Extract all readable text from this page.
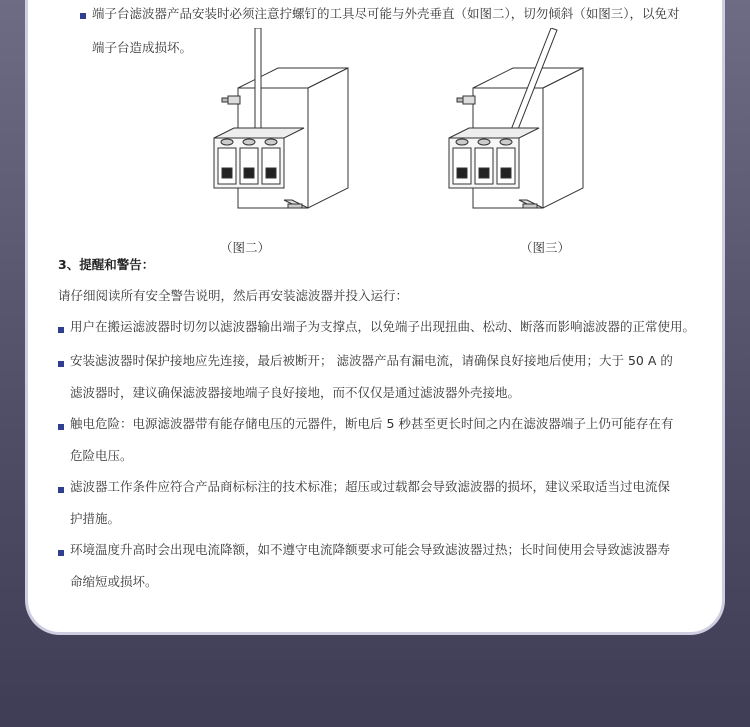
端子台滤波器产品安装时必须注意拧螺钉的工具尽可能与外壳垂直（如图二），切勿倾斜（如图三），以免对
端子台造成损坏。
（图二）	（图三）
3、提醒和警告：
请仔细阅读所有安全警告说明，然后再安装滤波器并投入运行：
用户在搬运滤波器时切勿以滤波器输出端子为支撑点，以免端子出现扭曲、松动、断落而影响滤波器的正常使用。
安装滤波器时保护接地应先连接，最后被断开； 滤波器产品有漏电流，请确保良好接地后使用；大于 50 A 的
滤波器时，建议确保滤波器接地端子良好接地，而不仅仅是通过滤波器外壳接地。
触电危险：电源滤波器带有能存储电压的元器件，断电后 5 秒甚至更长时间之内在滤波器端子上仍可能存在有
危险电压。
滤波器工作条件应符合产品商标标注的技术标准；超压或过载都会导致滤波器的损坏，建议采取适当过电流保
护措施。
环境温度升高时会出现电流降额，如不遵守电流降额要求可能会导致滤波器过热；长时间使用会导致滤波器寿
命缩短或损坏。
